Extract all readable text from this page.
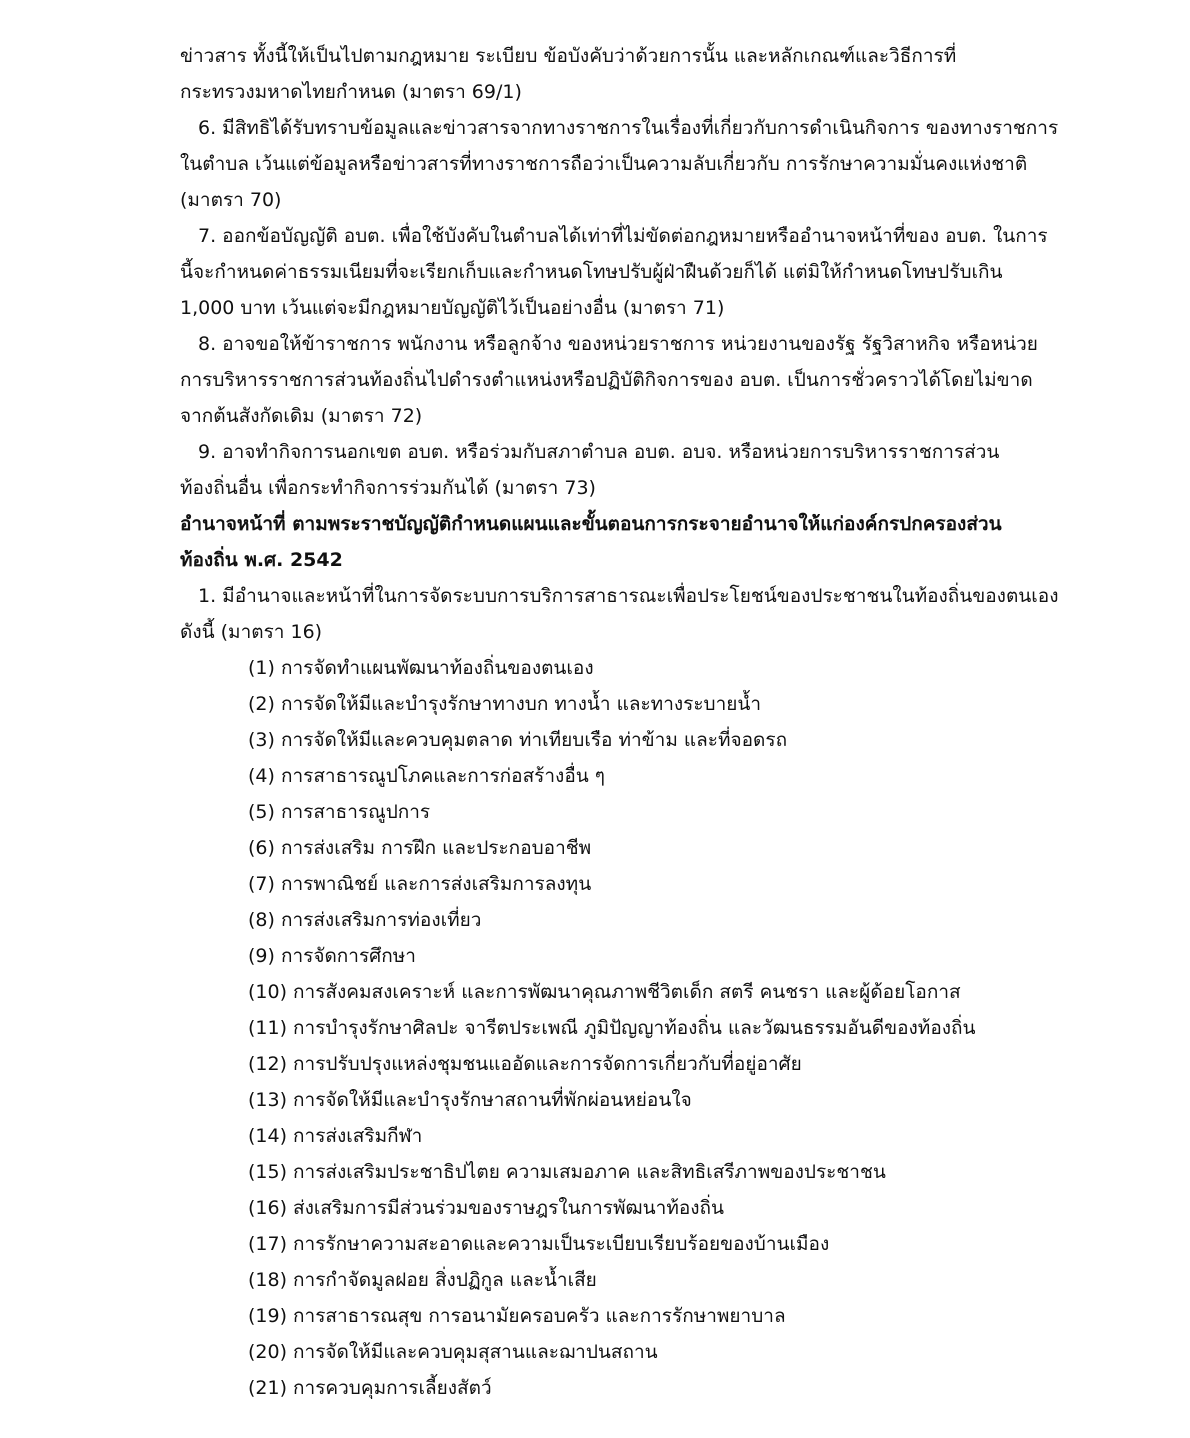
ข่าวสาร ทั้งนี้ให้เป็นไปตามกฎหมาย ระเบียบ ข้อบังคับว่าด้วยการนั้น และหลักเกณฑ์และวิธีการที่
กระทรวงมหาดไทยกำหนด (มาตรา 69/1)
6. มีสิทธิได้รับทราบข้อมูลและข่าวสารจากทางราชการในเรื่องที่เกี่ยวกับการดำเนินกิจการ ของทางราชการ
ในตำบล เว้นแต่ข้อมูลหรือข่าวสารที่ทางราชการถือว่าเป็นความลับเกี่ยวกับ การรักษาความมั่นคงแห่งชาติ
(มาตรา 70)
7. ออกข้อบัญญัติ อบต. เพื่อใช้บังคับในตำบลได้เท่าที่ไม่ขัดต่อกฎหมายหรืออำนาจหน้าที่ของ อบต. ในการ
นี้จะกำหนดค่าธรรมเนียมที่จะเรียกเก็บและกำหนดโทษปรับผู้ฝ่าฝืนด้วยก็ได้ แต่มิให้กำหนดโทษปรับเกิน
1,000 บาท เว้นแต่จะมีกฎหมายบัญญัติไว้เป็นอย่างอื่น (มาตรา 71)
8. อาจขอให้ข้าราชการ พนักงาน หรือลูกจ้าง ของหน่วยราชการ หน่วยงานของรัฐ รัฐวิสาหกิจ หรือหน่วย
การบริหารราชการส่วนท้องถิ่นไปดำรงตำแหน่งหรือปฏิบัติกิจการของ อบต. เป็นการชั่วคราวได้โดยไม่ขาด
จากต้นสังกัดเดิม (มาตรา 72)
9. อาจทำกิจการนอกเขต อบต. หรือร่วมกับสภาตำบล อบต. อบจ. หรือหน่วยการบริหารราชการส่วน
ท้องถิ่นอื่น เพื่อกระทำกิจการร่วมกันได้ (มาตรา 73)
อำนาจหน้าที่ ตามพระราชบัญญัติกำหนดแผนและขั้นตอนการกระจายอำนาจให้แก่องค์กรปกครองส่วน
ท้องถิ่น พ.ศ. 2542
1. มีอำนาจและหน้าที่ในการจัดระบบการบริการสาธารณะเพื่อประโยชน์ของประชาชนในท้องถิ่นของตนเอง
ดังนี้ (มาตรา 16)
(1) การจัดทำแผนพัฒนาท้องถิ่นของตนเอง
(2) การจัดให้มีและบำรุงรักษาทางบก ทางน้ำ และทางระบายน้ำ
(3) การจัดให้มีและควบคุมตลาด ท่าเทียบเรือ ท่าข้าม และที่จอดรถ
(4) การสาธารณูปโภคและการก่อสร้างอื่น ๆ
(5) การสาธารณูปการ
(6) การส่งเสริม การฝึก และประกอบอาชีพ
(7) การพาณิชย์ และการส่งเสริมการลงทุน
(8) การส่งเสริมการท่องเที่ยว
(9) การจัดการศึกษา
(10) การสังคมสงเคราะห์ และการพัฒนาคุณภาพชีวิตเด็ก สตรี คนชรา และผู้ด้อยโอกาส
(11) การบำรุงรักษาศิลปะ จารีตประเพณี ภูมิปัญญาท้องถิ่น และวัฒนธรรมอันดีของท้องถิ่น
(12) การปรับปรุงแหล่งชุมชนแออัดและการจัดการเกี่ยวกับที่อยู่อาศัย
(13) การจัดให้มีและบำรุงรักษาสถานที่พักผ่อนหย่อนใจ
(14) การส่งเสริมกีฬา
(15) การส่งเสริมประชาธิปไตย ความเสมอภาค และสิทธิเสรีภาพของประชาชน
(16) ส่งเสริมการมีส่วนร่วมของราษฎรในการพัฒนาท้องถิ่น
(17) การรักษาความสะอาดและความเป็นระเบียบเรียบร้อยของบ้านเมือง
(18) การกำจัดมูลฝอย สิ่งปฏิกูล และน้ำเสีย
(19) การสาธารณสุข การอนามัยครอบครัว และการรักษาพยาบาล
(20) การจัดให้มีและควบคุมสุสานและฌาปนสถาน
(21) การควบคุมการเลี้ยงสัตว์
